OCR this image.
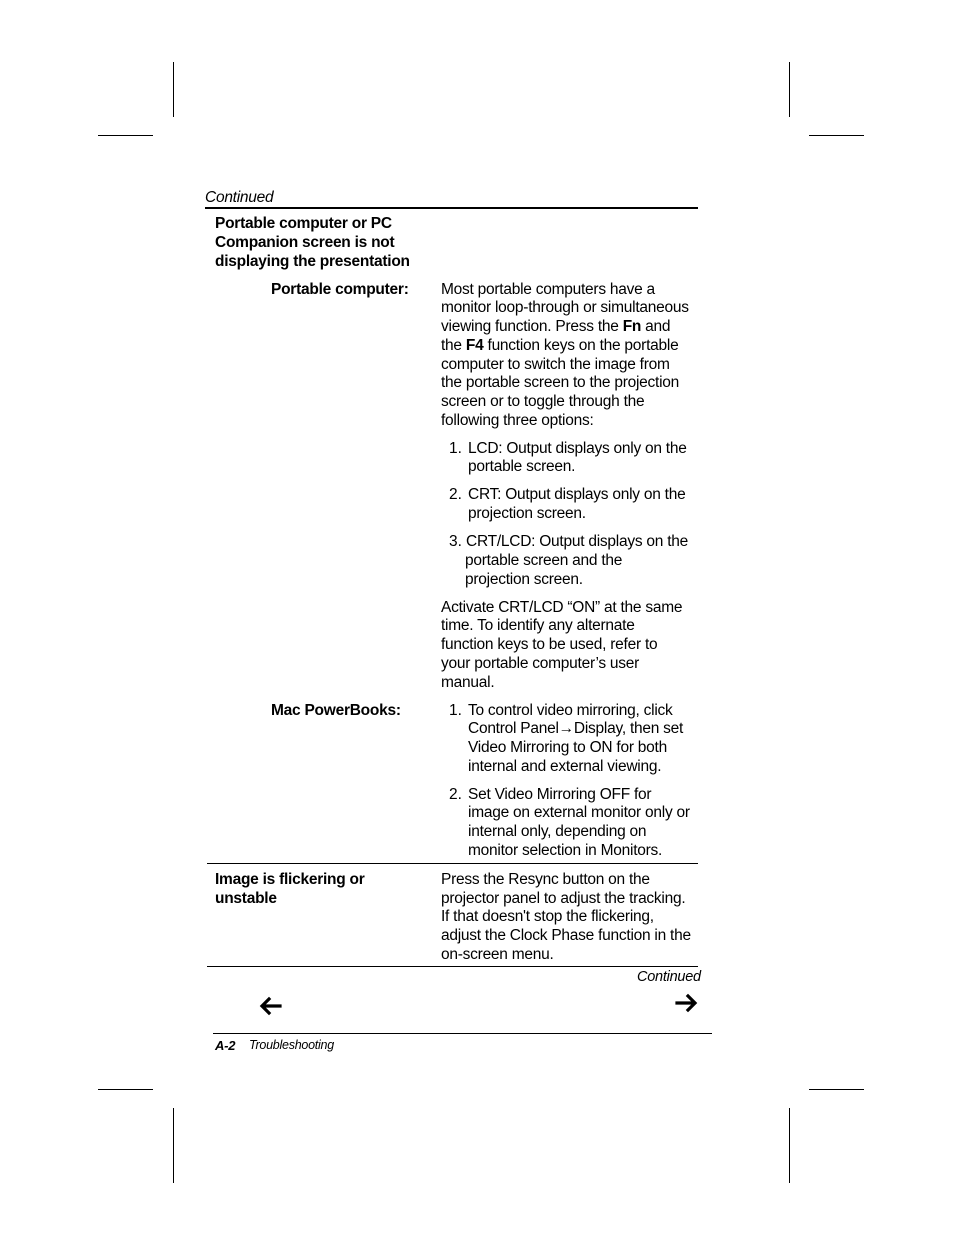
Continued
Portable computer or PC
Companion screen is not
displaying the presentation
Portable computer: Most portable computers have a
monitor loop-through or simultaneous
viewing function. Press the Fn and
the F4 function keys on the portable
computer to switch the image from
the portable screen to the projection
screen or to toggle through the
following three options:
1. LCD: Output displays only on the
portable screen.
2. CRT: Output displays only on the
projection screen.
3. CRT/LCD: Output displays on the
portable screen and the
projection screen.
Activate CRT/LCD “ON” at the same
time. To identify any alternate
function keys to be used, refer to
your portable computer’s user
manual.
Mac PowerBooks:	1. To control video mirroring, click
Control Panel→Display, then set
Video Mirroring to ON for both
internal and external viewing.
2. Set Video Mirroring OFF for
image on external monitor only or
internal only, depending on
monitor selection in Monitors.
Image is flickering or
unstable
Press the Resync button on the
projector panel to adjust the tracking.
If that doesn't stop the flickering,
adjust the Clock Phase function in the
on-screen menu.
Continued
A-2 Troubleshooting
